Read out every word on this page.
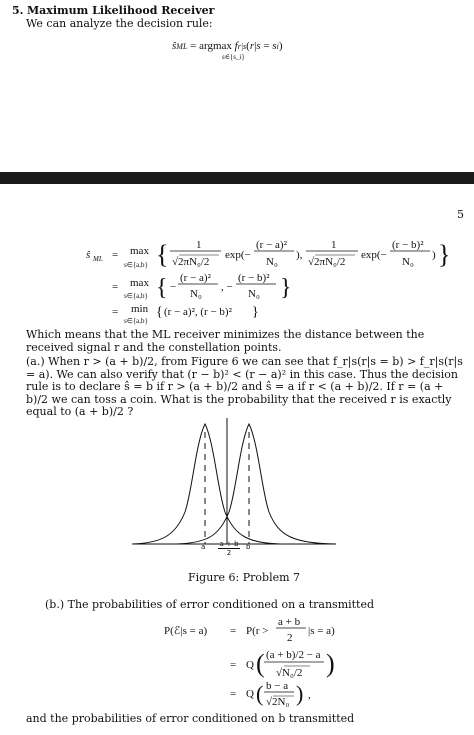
5. Maximum Likelihood Receiver
We can analyze the decision rule:
ŝML = argmax fr|s(r|s = si)
s∈{s_i}
5
ŝ ML = max
s∈{a,b} {	1
√2πN₀/2
exp(−
(r − a)²
N₀
),
1
√2πN₀/2
exp(−
(r − b)²
N₀
) }
= max
s∈{a,b} { −
(r − a)²
N₀
, −
(r − b)²
N₀ }
= min
s∈{a,b}
{ (r − a)², (r − b)² }
Which means that the ML receiver minimizes the distance between the received signal r and the constellation points.
(a.) When r > (a + b)/2, from Figure 6 we can see that f_r|s(r|s = b) > f_r|s(r|s = a). We can also verify that (r − b)² < (r − a)² in this case. Thus the decision rule is to declare ŝ = b if r > (a + b)/2 and ŝ = a if r < (a + b)/2. If r = (a + b)/2 we can toss a coin. What is the probability that the received r is exactly equal to (a + b)/2 ?
a $\frac{a + b}{2}$ b
Figure 6: Problem 7
(b.) The probabilities of error conditioned on a transmitted
P(ℰ|s = a) = P(r >
a + b
2
|s = a)
= Q ( (a + b)/2 − a
√N₀/2 )
= Q ( b − a
√2N₀ ) ,
and the probabilities of error conditioned on b transmitted
